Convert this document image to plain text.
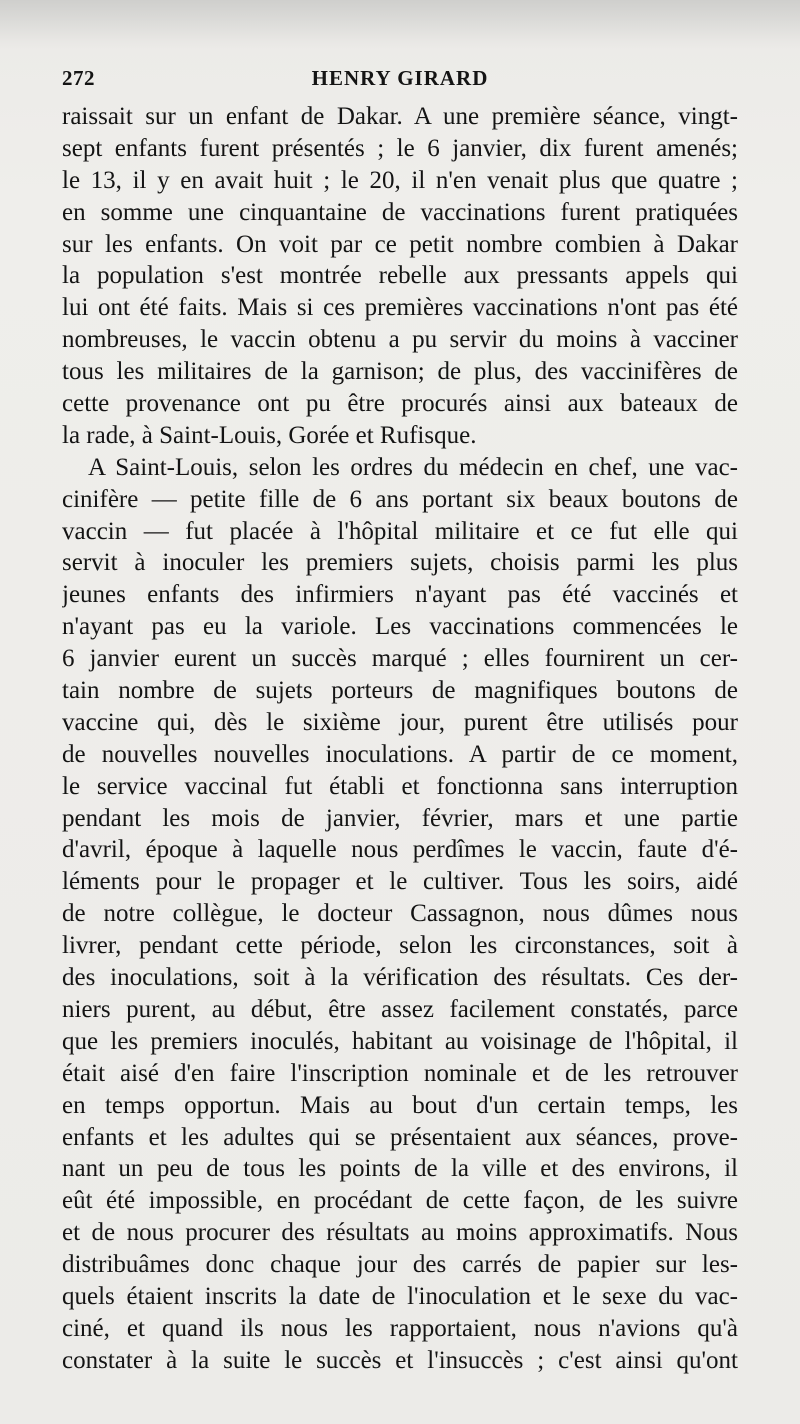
272	HENRY GIRARD
raissait sur un enfant de Dakar. A une première séance, vingt-
sept enfants furent présentés ; le 6 janvier, dix furent amenés;
le 13, il y en avait huit ; le 20, il n'en venait plus que quatre ;
en somme une cinquantaine de vaccinations furent pratiquées
sur les enfants. On voit par ce petit nombre combien à Dakar
la population s'est montrée rebelle aux pressants appels qui
lui ont été faits. Mais si ces premières vaccinations n'ont pas été
nombreuses, le vaccin obtenu a pu servir du moins à vacciner
tous les militaires de la garnison; de plus, des vaccinifères de
cette provenance ont pu être procurés ainsi aux bateaux de
la rade, à Saint-Louis, Gorée et Rufisque.
A Saint-Louis, selon les ordres du médecin en chef, une vac-
cinifère — petite fille de 6 ans portant six beaux boutons de
vaccin — fut placée à l'hôpital militaire et ce fut elle qui
servit à inoculer les premiers sujets, choisis parmi les plus
jeunes enfants des infirmiers n'ayant pas été vaccinés et
n'ayant pas eu la variole. Les vaccinations commencées le
6 janvier eurent un succès marqué ; elles fournirent un cer-
tain nombre de sujets porteurs de magnifiques boutons de
vaccine qui, dès le sixième jour, purent être utilisés pour
de nouvelles nouvelles inoculations. A partir de ce moment,
le service vaccinal fut établi et fonctionna sans interruption
pendant les mois de janvier, février, mars et une partie
d'avril, époque à laquelle nous perdîmes le vaccin, faute d'é-
léments pour le propager et le cultiver. Tous les soirs, aidé
de notre collègue, le docteur Cassagnon, nous dûmes nous
livrer, pendant cette période, selon les circonstances, soit à
des inoculations, soit à la vérification des résultats. Ces der-
niers purent, au début, être assez facilement constatés, parce
que les premiers inoculés, habitant au voisinage de l'hôpital, il
était aisé d'en faire l'inscription nominale et de les retrouver
en temps opportun. Mais au bout d'un certain temps, les
enfants et les adultes qui se présentaient aux séances, prove-
nant un peu de tous les points de la ville et des environs, il
eût été impossible, en procédant de cette façon, de les suivre
et de nous procurer des résultats au moins approximatifs. Nous
distribuâmes donc chaque jour des carrés de papier sur les-
quels étaient inscrits la date de l'inoculation et le sexe du vac-
ciné, et quand ils nous les rapportaient, nous n'avions qu'à
constater à la suite le succès et l'insuccès ; c'est ainsi qu'ont
